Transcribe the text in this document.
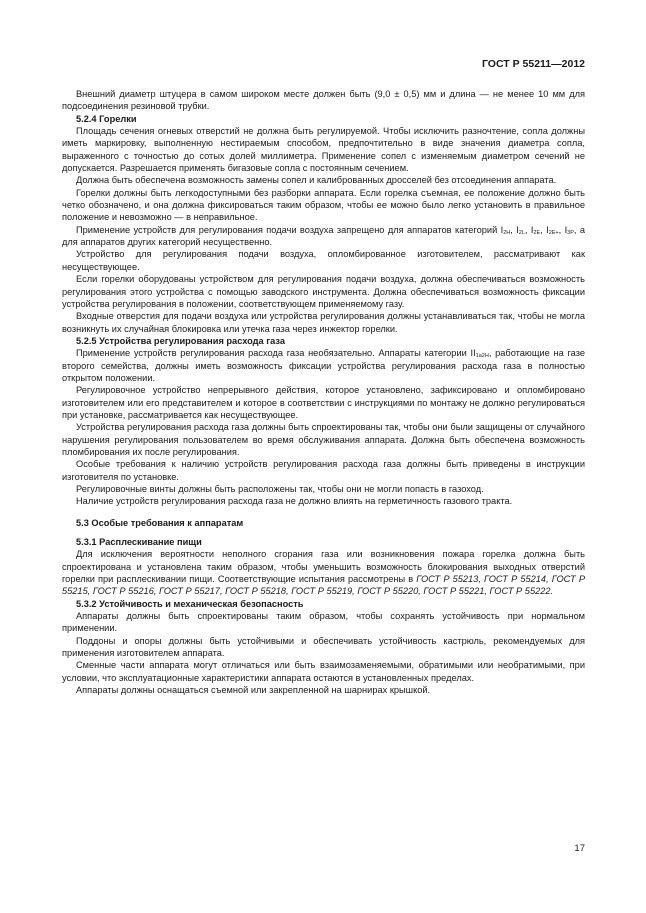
ГОСТ Р 55211—2012

Внешний диаметр штуцера в самом широком месте должен быть (9,0 ± 0,5) мм и длина — не менее 10 мм для подсоединения резиновой трубки.

5.2.4 Горелки

Площадь сечения огневых отверстий не должна быть регулируемой. Чтобы исключить разночтение, сопла должны иметь маркировку, выполненную нестираемым способом, предпочтительно в виде значения диаметра сопла, выраженного с точностью до сотых долей миллиметра. Применение сопел с изменяемым диаметром сечений не допускается. Разрешается применять бигазовые сопла с постоянным сечением.

Должна быть обеспечена возможность замены сопел и калиброванных дросселей без отсоединения аппарата.

Горелки должны быть легкодоступными без разборки аппарата. Если горелка съемная, ее положение должно быть четко обозначено, и она должна фиксироваться таким образом, чтобы ее можно было легко установить в правильное положение и невозможно — в неправильное.

Применение устройств для регулирования подачи воздуха запрещено для аппаратов категорий $I_{2H}$, $I_{2L}$, $I_{2E}$, $I_{2E+}$, $I_{3P}$, а для аппаратов других категорий несущественно.

Устройство для регулирования подачи воздуха, опломбированное изготовителем, рассматривают как несуществующее.

Если горелки оборудованы устройством для регулирования подачи воздуха, должна обеспечиваться возможность регулирования этого устройства с помощью заводского инструмента. Должна обеспечиваться возможность фиксации устройства регулирования в положении, соответствующем применяемому газу.

Входные отверстия для подачи воздуха или устройства регулирования должны устанавливаться так, чтобы не могла возникнуть их случайная блокировка или утечка газа через инжектор горелки.

5.2.5 Устройства регулирования расхода газа

Применение устройств регулирования расхода газа необязательно. Аппараты категории $II_{1a2H}$, работающие на газе второго семейства, должны иметь возможность фиксации устройства регулирования расхода газа в полностью открытом положении.

Регулировочное устройство непрерывного действия, которое установлено, зафиксировано и опломбировано изготовителем или его представителем и которое в соответствии с инструкциями по монтажу не должно регулироваться при установке, рассматривается как несуществующее.

Устройства регулирования расхода газа должны быть спроектированы так, чтобы они были защищены от случайного нарушения регулирования пользователем во время обслуживания аппарата. Должна быть обеспечена возможность пломбирования их после регулирования.

Особые требования к наличию устройств регулирования расхода газа должны быть приведены в инструкции изготовителя по установке.

Регулировочные винты должны быть расположены так, чтобы они не могли попасть в газоход.

Наличие устройств регулирования расхода газа не должно влиять на герметичность газового тракта.

5.3 Особые требования к аппаратам
5.3.1 Расплескивание пищи

Для исключения вероятности неполного сгорания газа или возникновения пожара горелка должна быть спроектирована и установлена таким образом, чтобы уменьшить возможность блокирования выходных отверстий горелки при расплескивании пищи. Соответствующие испытания рассмотрены в ГОСТ Р 55213, ГОСТ Р 55214, ГОСТ Р 55215, ГОСТ Р 55216, ГОСТ Р 55217, ГОСТ Р 55218, ГОСТ Р 55219, ГОСТ Р 55220, ГОСТ Р 55221, ГОСТ Р 55222.

5.3.2 Устойчивость и механическая безопасность

Аппараты должны быть спроектированы таким образом, чтобы сохранять устойчивость при нормальном применении.

Поддоны и опоры должны быть устойчивыми и обеспечивать устойчивость кастрюль, рекомендуемых для применения изготовителем аппарата.

Сменные части аппарата могут отличаться или быть взаимозаменяемыми, обратимыми или необратимыми, при условии, что эксплуатационные характеристики аппарата остаются в установленных пределах.

Аппараты должны оснащаться съемной или закрепленной на шарнирах крышкой.

17
